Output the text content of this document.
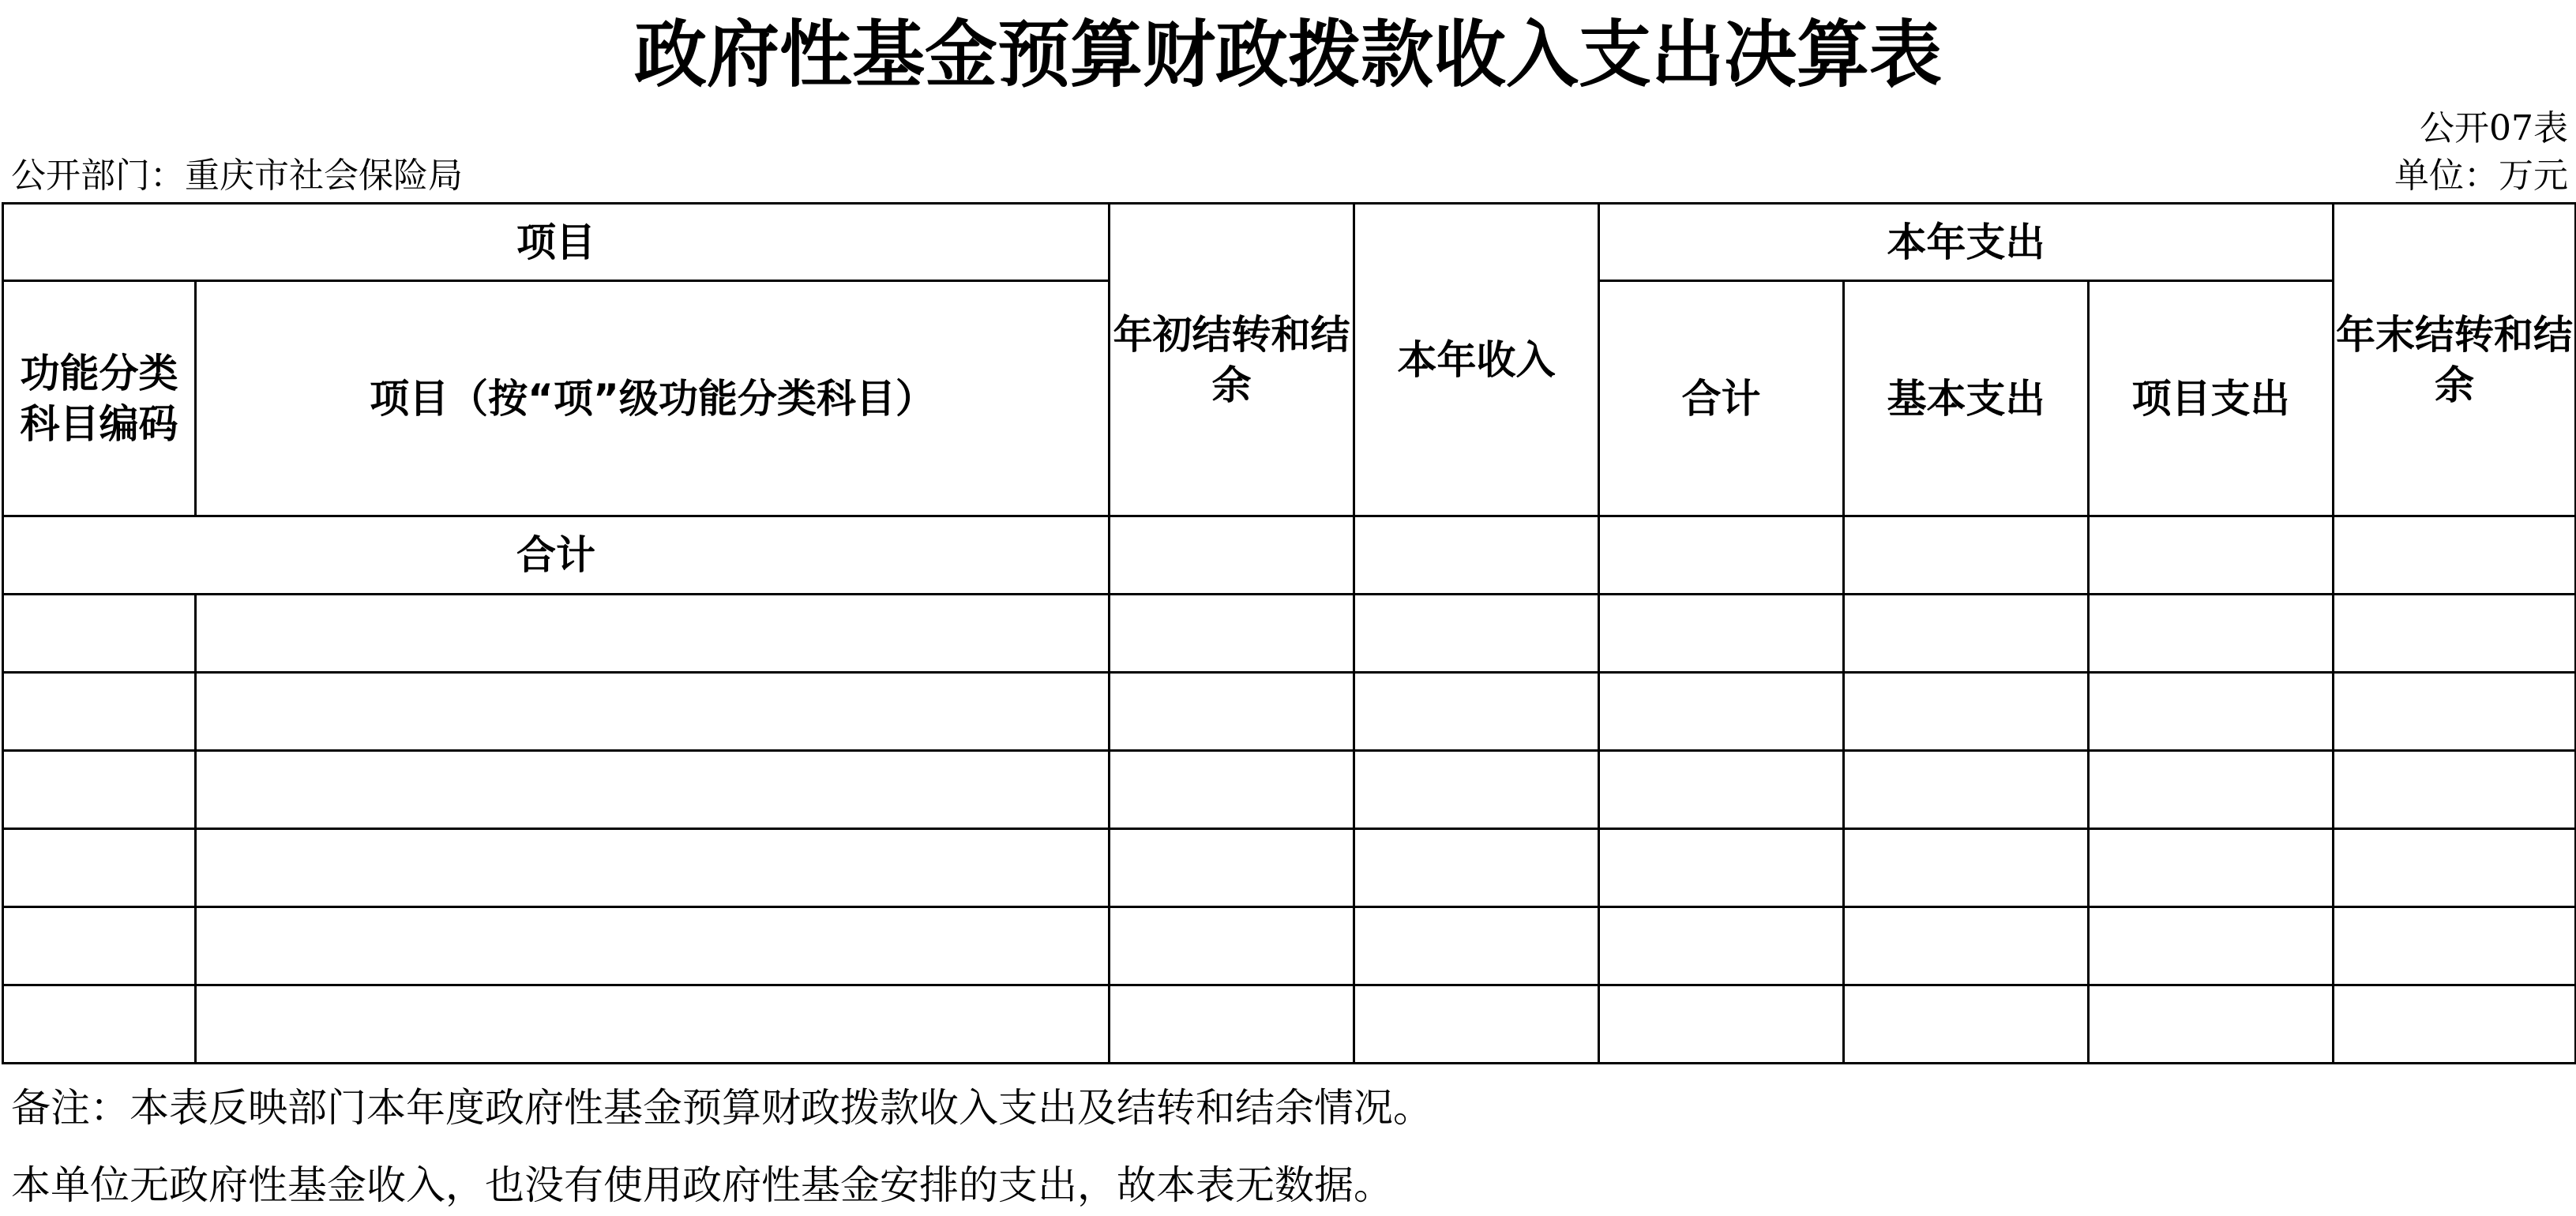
政府性基金预算财政拨款收入支出决算表
公开07表
公开部门：重庆市社会保险局	单位：万元
项目		年初结转和结余	本年收入	本年支出			年末结转和结余
功能分类科目编码	项目（按“项”级功能分类科目）			合计	基本支出	项目支出	
合计							

备注：本表反映部门本年度政府性基金预算财政拨款收入支出及结转和结余情况。
本单位无政府性基金收入，也没有使用政府性基金安排的支出，故本表无数据。
